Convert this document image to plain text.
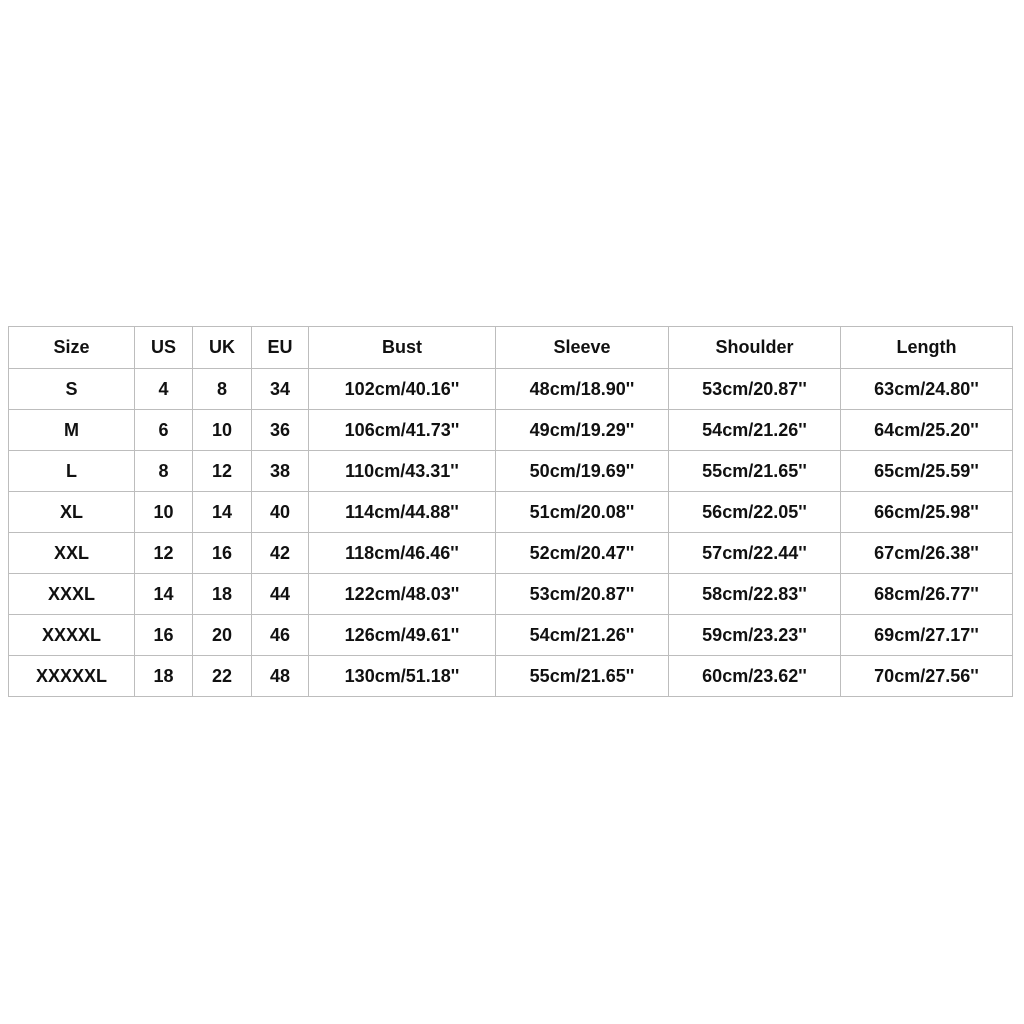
Size	US	UK	EU	Bust	Sleeve	Shoulder	Length
S	4	8	34	102cm/40.16''	48cm/18.90''	53cm/20.87''	63cm/24.80''
M	6	10	36	106cm/41.73''	49cm/19.29''	54cm/21.26''	64cm/25.20''
L	8	12	38	110cm/43.31''	50cm/19.69''	55cm/21.65''	65cm/25.59''
XL	10	14	40	114cm/44.88''	51cm/20.08''	56cm/22.05''	66cm/25.98''
XXL	12	16	42	118cm/46.46''	52cm/20.47''	57cm/22.44''	67cm/26.38''
XXXL	14	18	44	122cm/48.03''	53cm/20.87''	58cm/22.83''	68cm/26.77''
XXXXL	16	20	46	126cm/49.61''	54cm/21.26''	59cm/23.23''	69cm/27.17''
XXXXXL	18	22	48	130cm/51.18''	55cm/21.65''	60cm/23.62''	70cm/27.56''
